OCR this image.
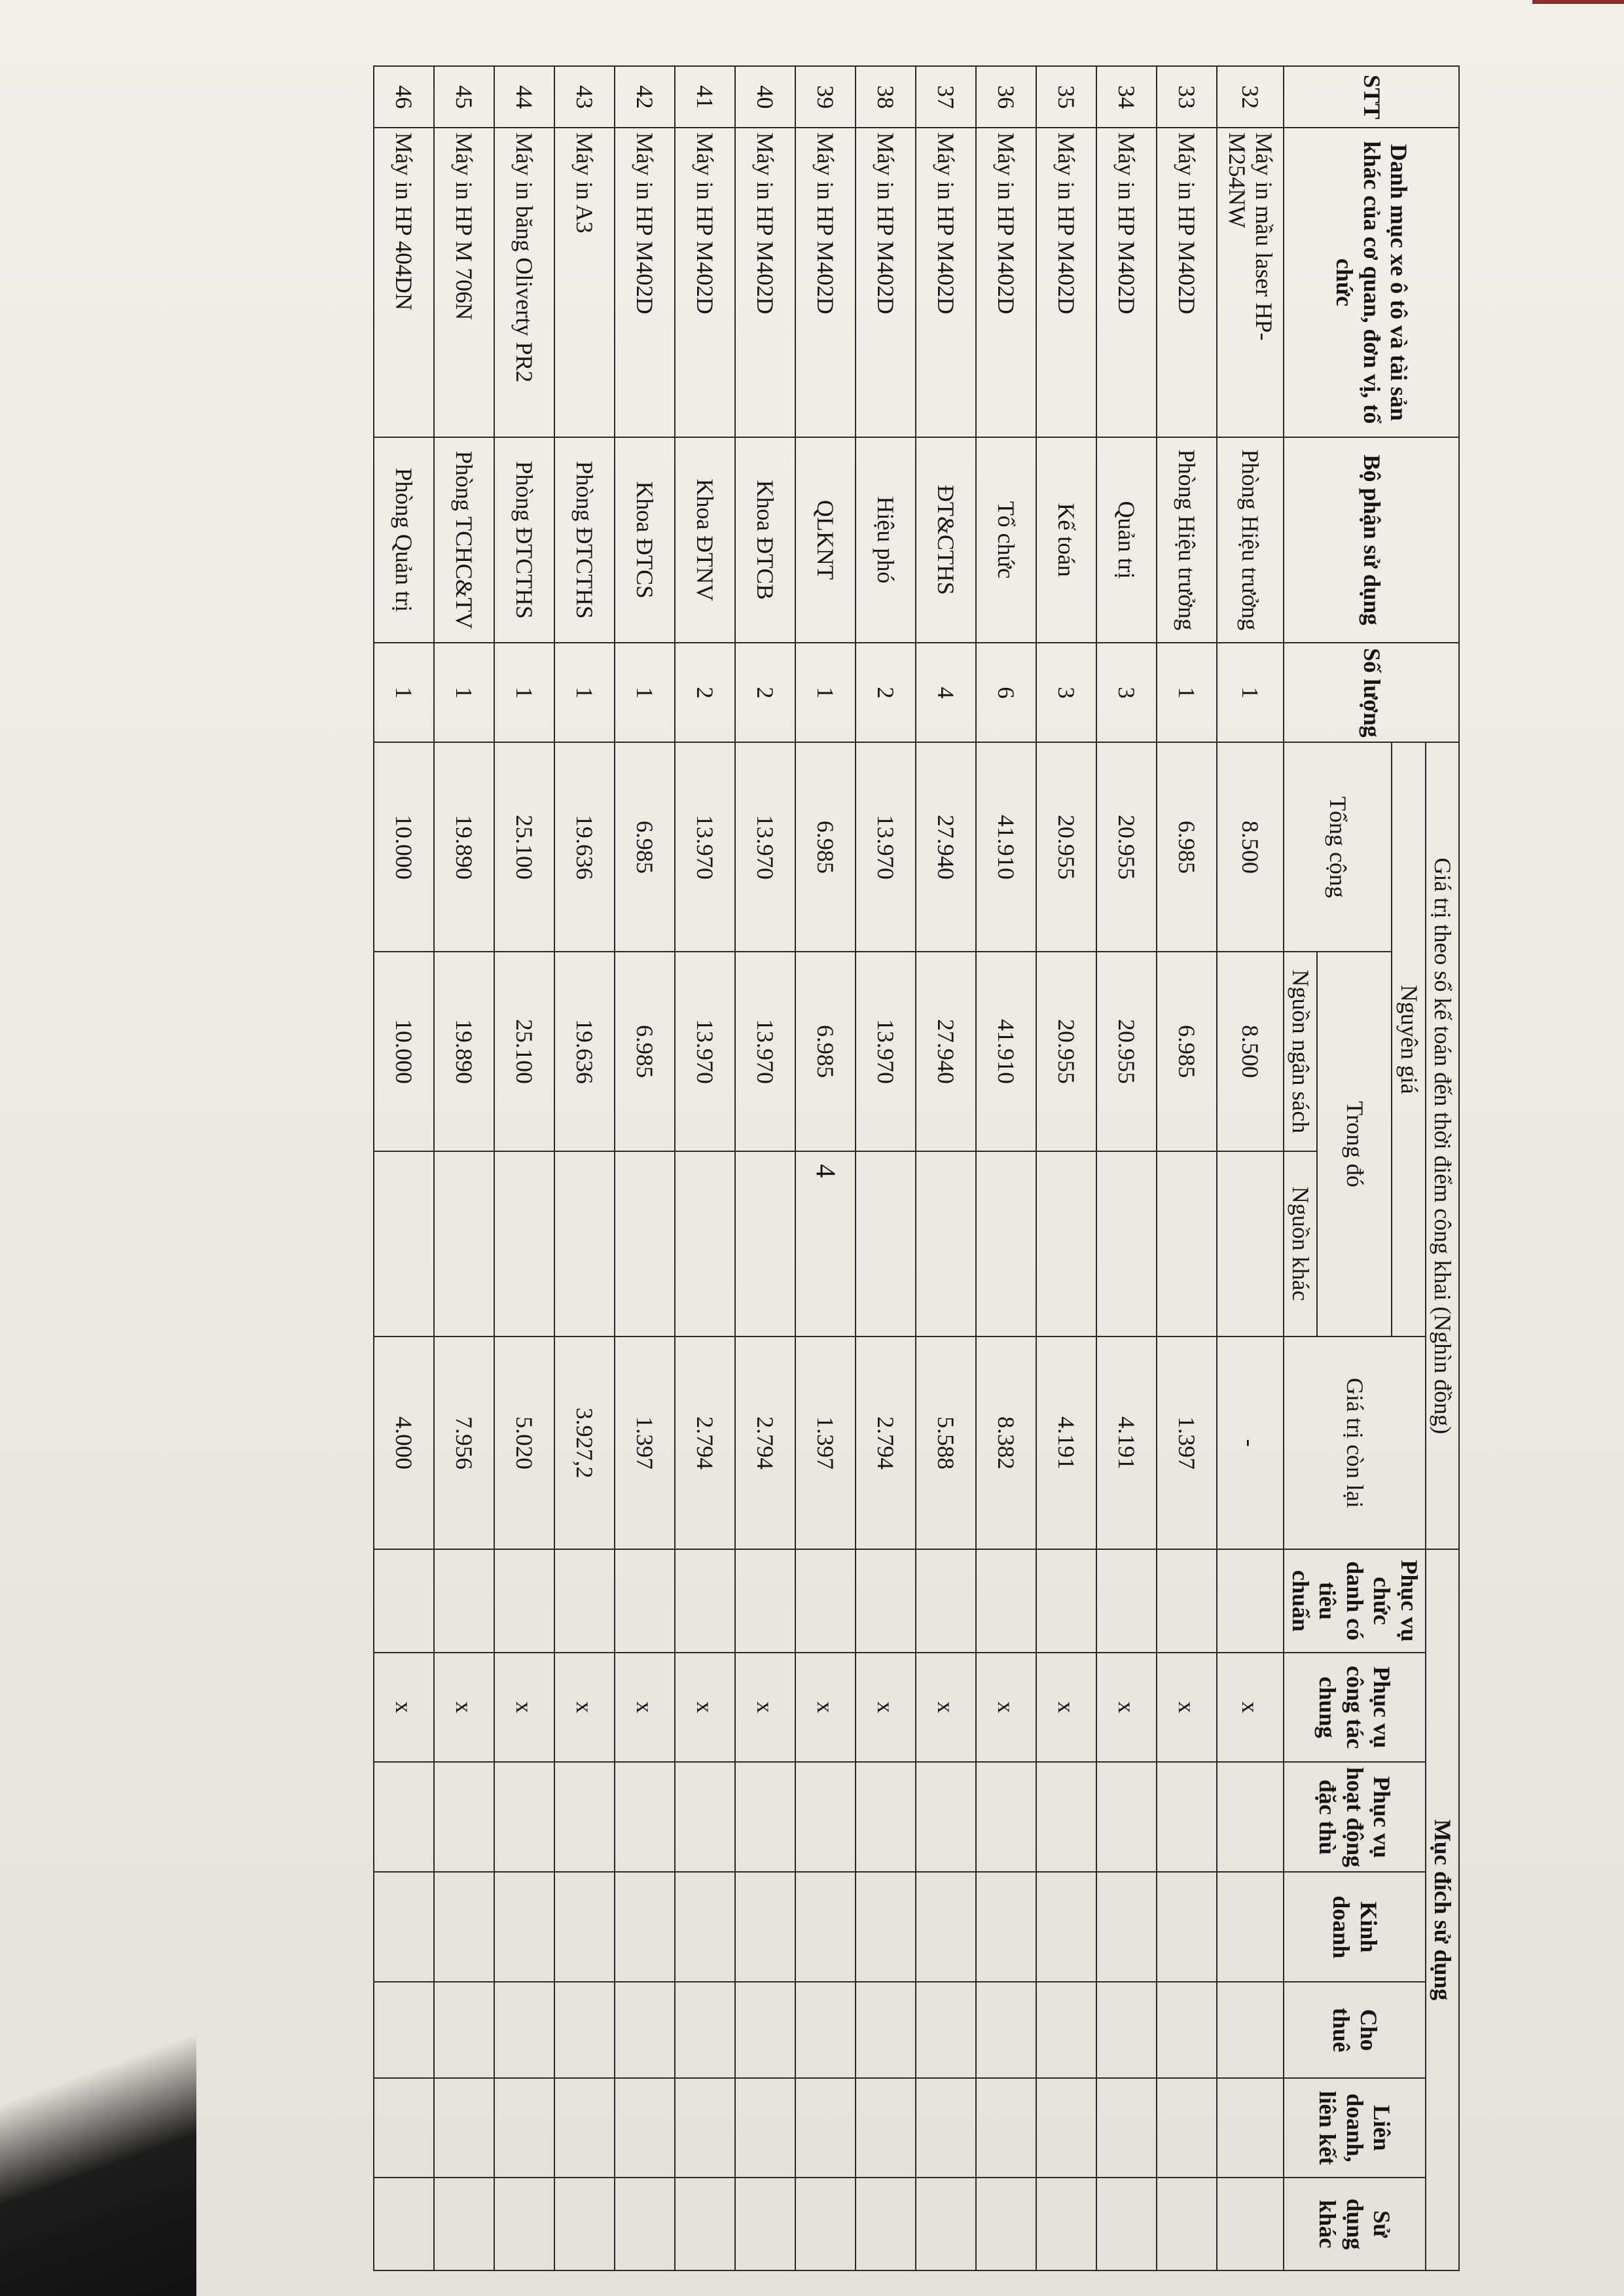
STT	Danh mục xe ô tô và tài sản khác của cơ quan, đơn vị, tổ chức	Bộ phận sử dụng	Số lượng	Giá trị theo sổ kế toán đến thời điểm công khai (Nghìn đồng)				Mục đích sử dụng						
				Nguyên giá			Giá trị còn lại	Phục vụ chức danh có tiêu chuẩn	Phục vụ công tác chung	Phục vụ hoạt động đặc thù	Kinh doanh	Cho thuê	Liên doanh, liên kết	Sử dụng khác
				Tổng cộng	Trong đó									
					Nguồn ngân sách	Nguồn khác								
32	Máy in mầu laser HP-M254NW	Phòng Hiệu trưởng	1	8.500	8.500		-		x					
33	Máy in HP M402D	Phòng Hiệu trưởng	1	6.985	6.985		1.397		x					
34	Máy in HP M402D	Quản trị	3	20.955	20.955		4.191		x					
35	Máy in HP M402D	Kế toán	3	20.955	20.955		4.191		x					
36	Máy in HP M402D	Tổ chức	6	41.910	41.910		8.382		x					
37	Máy in HP M402D	ĐT&CTHS	4	27.940	27.940		5.588		x					
38	Máy in HP M402D	Hiệu phó	2	13.970	13.970		2.794		x					
39	Máy in HP M402D	QLKNT	1	6.985	6.985		1.397		x					
40	Máy in HP M402D	Khoa ĐTCB	2	13.970	13.970		2.794		x					
41	Máy in HP M402D	Khoa ĐTNV	2	13.970	13.970		2.794		x					
42	Máy in HP M402D	Khoa ĐTCS	1	6.985	6.985		1.397		x					
43	Máy in A3	Phòng ĐTCTHS	1	19.636	19.636		3.927,2		x					
44	Máy in băng Oliverty PR2	Phòng ĐTCTHS	1	25.100	25.100		5.020		x					
45	Máy in HP M 706N	Phòng TCHC&TV	1	19.890	19.890		7.956		x					
46	Máy in HP 404DN	Phòng Quản trị	1	10.000	10.000		4.000		x					
4
